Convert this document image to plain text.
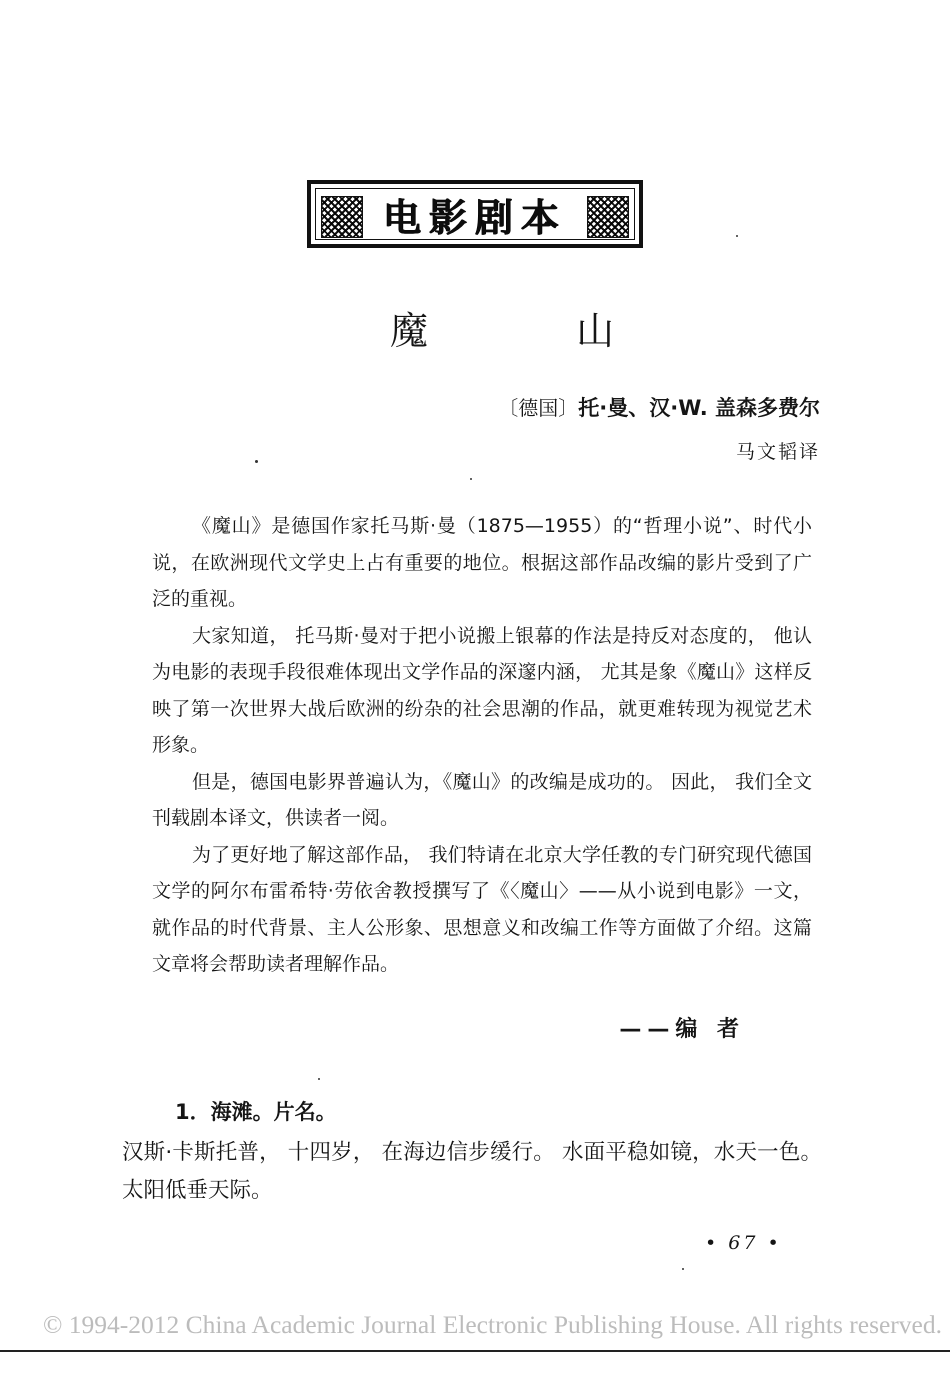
电影剧本
魔 山
〔德国〕托·曼、汉·W. 盖森多费尔
马文韬译

《魔山》是德国作家托马斯·曼（1875—1955）的“哲理小说”、时代小说，在欧洲现代文学史上占有重要的地位。根据这部作品改编的影片受到了广泛的重视。

大家知道， 托马斯·曼对于把小说搬上银幕的作法是持反对态度的， 他认为电影的表现手段很难体现出文学作品的深邃内涵， 尤其是象《魔山》这样反映了第一次世界大战后欧洲的纷杂的社会思潮的作品，就更难转现为视觉艺术形象。

但是，德国电影界普遍认为，《魔山》的改编是成功的。 因此， 我们全文刊载剧本译文，供读者一阅。

为了更好地了解这部作品， 我们特请在北京大学任教的专门研究现代德国文学的阿尔布雷希特·劳依舍教授撰写了《〈魔山〉——从小说到电影》一文，就作品的时代背景、主人公形象、思想意义和改编工作等方面做了介绍。这篇文章将会帮助读者理解作品。

——编 者
1．海滩。片名。

汉斯·卡斯托普， 十四岁， 在海边信步缓行。 水面平稳如镜，水天一色。太阳低垂天际。

• 67 •
© 1994-2012 China Academic Journal Electronic Publishing House. All rights reserved.
